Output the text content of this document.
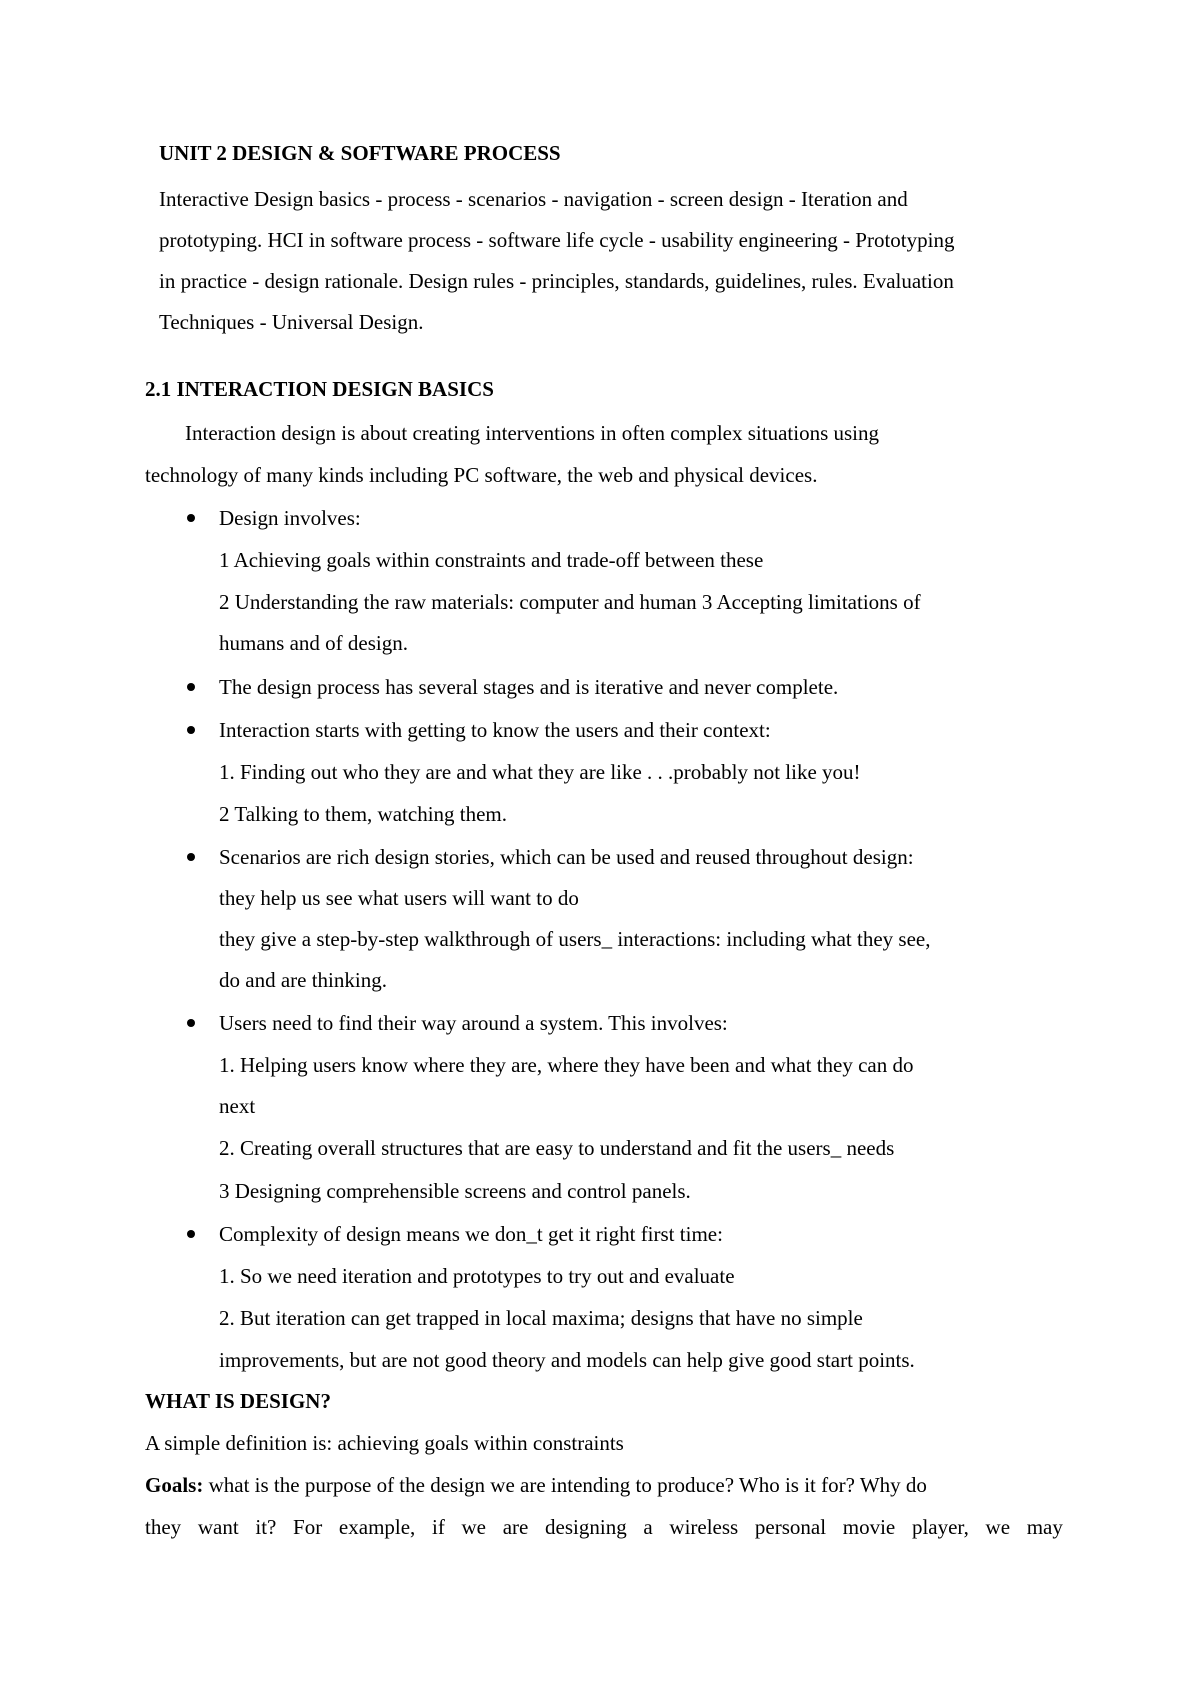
UNIT 2 DESIGN & SOFTWARE PROCESS
Interactive Design basics - process - scenarios - navigation - screen design - Iteration and
prototyping. HCI in software process - software life cycle - usability engineering - Prototyping
in practice - design rationale. Design rules - principles, standards, guidelines, rules. Evaluation
Techniques - Universal Design.
2.1 INTERACTION DESIGN BASICS
Interaction design is about creating interventions in often complex situations using
technology of many kinds including PC software, the web and physical devices.
Design involves:
1 Achieving goals within constraints and trade-off between these
2 Understanding the raw materials: computer and human 3 Accepting limitations of
humans and of design.
The design process has several stages and is iterative and never complete.
Interaction starts with getting to know the users and their context:
1. Finding out who they are and what they are like . . .probably not like you!
2 Talking to them, watching them.
Scenarios are rich design stories, which can be used and reused throughout design:
they help us see what users will want to do
they give a step-by-step walkthrough of users_ interactions: including what they see,
do and are thinking.
Users need to find their way around a system. This involves:
1. Helping users know where they are, where they have been and what they can do
next
2. Creating overall structures that are easy to understand and fit the users_ needs
3 Designing comprehensible screens and control panels.
Complexity of design means we don_t get it right first time:
1. So we need iteration and prototypes to try out and evaluate
2. But iteration can get trapped in local maxima; designs that have no simple
improvements, but are not good theory and models can help give good start points.
WHAT IS DESIGN?
A simple definition is: achieving goals within constraints
Goals: what is the purpose of the design we are intending to produce? Who is it for? Why do
they want it? For example, if we are designing a wireless personal movie player, we may
